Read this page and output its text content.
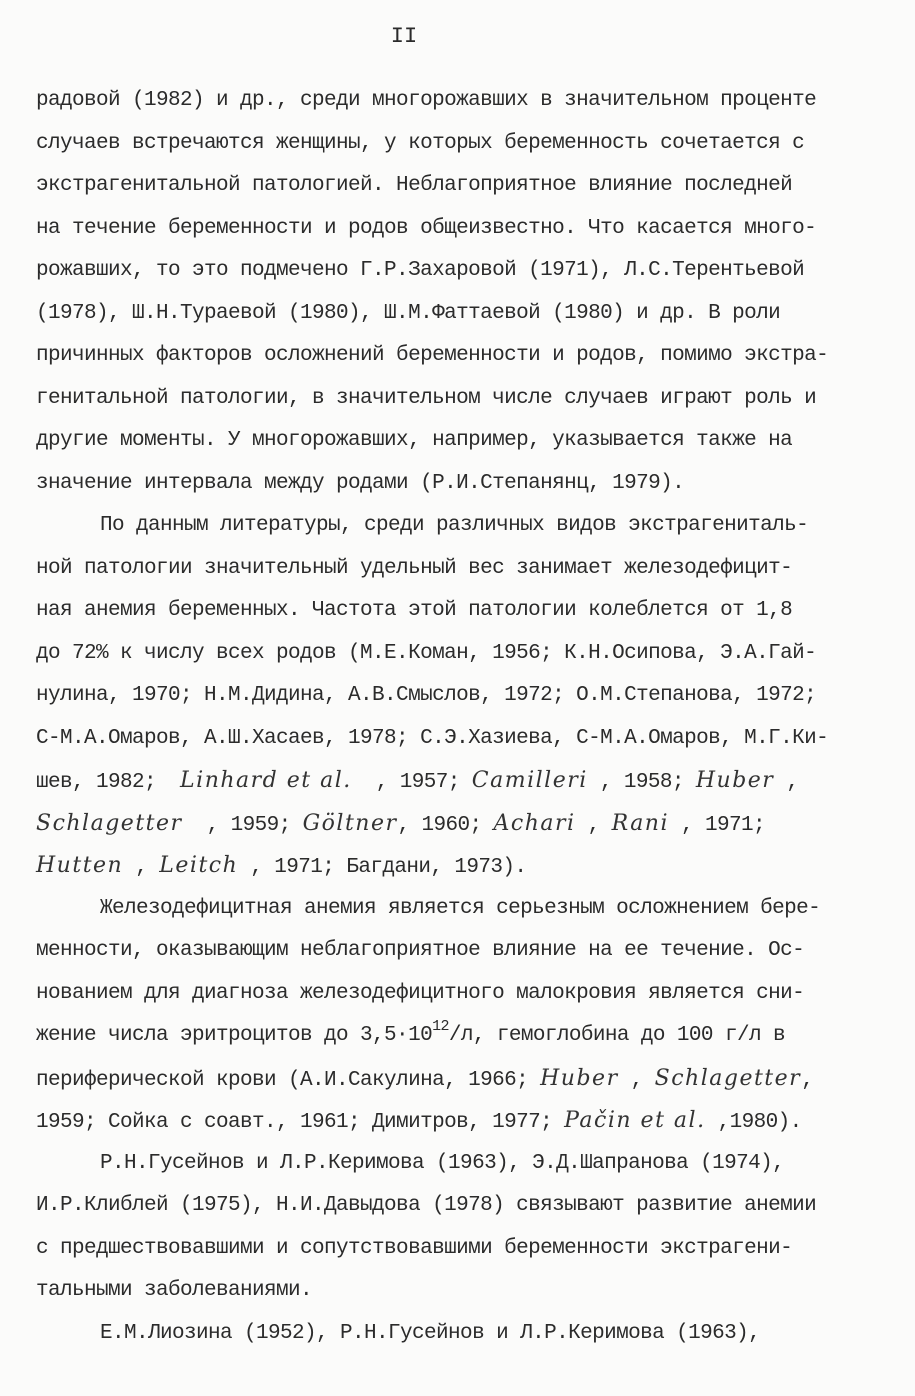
II
радовой (1982) и др., среди многорожавших в значительном проценте
случаев встречаются женщины, у которых беременность сочетается с
экстрагенитальной патологией. Неблагоприятное влияние последней
на течение беременности и родов общеизвестно. Что касается много-
рожавших, то это подмечено Г.Р.Захаровой (1971), Л.С.Терентьевой
(1978), Ш.Н.Тураевой (1980), Ш.М.Фаттаевой (1980) и др. В роли
причинных факторов осложнений беременности и родов, помимо экстра-
генитальной патологии, в значительном числе случаев играют роль и
другие моменты. У многорожавших, например, указывается также на
значение интервала между родами (Р.И.Степанянц, 1979).
По данным литературы, среди различных видов экстрагениталь-
ной патологии значительный удельный вес занимает железодефицит-
ная анемия беременных. Частота этой патологии колеблется от 1,8
до 72% к числу всех родов (М.Е.Коман, 1956; К.Н.Осипова, Э.А.Гай-
нулина, 1970; Н.М.Дидина, А.В.Смыслов, 1972; О.М.Степанова, 1972;
С-М.А.Омаров, А.Ш.Хасаев, 1978; С.Э.Хазиева, С-М.А.Омаров, М.Г.Ки-
шев, 1982; Linhard et al. , 1957; Camilleri , 1958; Huber ,
Schlagetter , 1959; Göltner, 1960; Achari , Rani , 1971;
Hutten , Leitch , 1971; Багдани, 1973).
Железодефицитная анемия является серьезным осложнением бере-
менности, оказывающим неблагоприятное влияние на ее течение. Ос-
нованием для диагноза железодефицитного малокровия является сни-
жение числа эритроцитов до $3,5\cdot 10^{12}/л$, гемоглобина до 100 г/л в
периферической крови (А.И.Сакулина, 1966; Huber , Schlagetter,
1959; Сойка с соавт., 1961; Димитров, 1977; Pačin et al. ,1980).
Р.Н.Гусейнов и Л.Р.Керимова (1963), Э.Д.Шапранова (1974),
И.Р.Клиблей (1975), Н.И.Давыдова (1978) связывают развитие анемии
с предшествовавшими и сопутствовавшими беременности экстрагени-
тальными заболеваниями.
Е.М.Лиозина (1952), Р.Н.Гусейнов и Л.Р.Керимова (1963),
